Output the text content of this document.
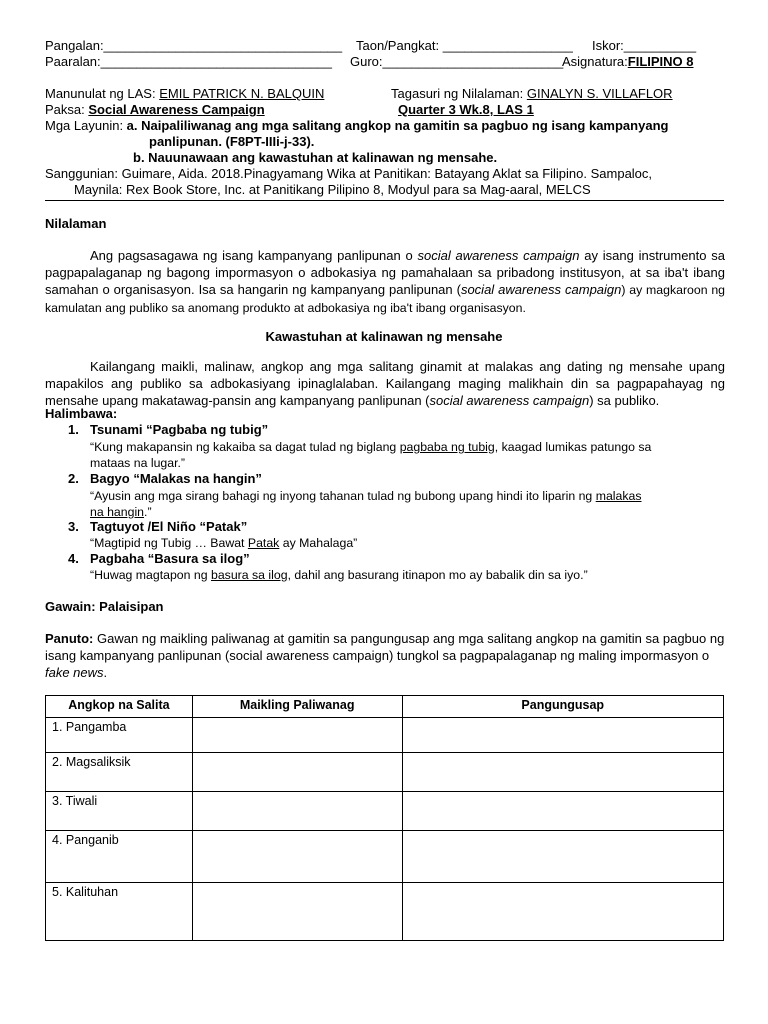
Pangalan:_________________________________ Taon/Pangkat: __________________ Iskor:__________
Paaralan:________________________________ Guro:_________________________
Asignatura:FILIPINO 8
Manunulat ng LAS: EMIL PATRICK N. BALQUIN	Tagasuri ng Nilalaman: GINALYN S. VILLAFLOR
Paksa: Social Awareness Campaign	Quarter 3 Wk.8, LAS 1
Mga Layunin: a. Naipaliliwanag ang mga salitang angkop na gamitin sa pagbuo ng isang kampanyang
panlipunan. (F8PT-IIIi-j-33).
b. Nauunawaan ang kawastuhan at kalinawan ng mensahe.
Sanggunian: Guimare, Aida. 2018.Pinagyamang Wika at Panitikan: Batayang Aklat sa Filipino. Sampaloc,
Maynila: Rex Book Store, Inc. at Panitikang Pilipino 8, Modyul para sa Mag-aaral, MELCS
Nilalaman
Ang pagsasagawa ng isang kampanyang panlipunan o social awareness campaign ay isang instrumento sa pagpapalaganap ng bagong impormasyon o adbokasiya ng pamahalaan sa pribadong institusyon, at sa iba't ibang samahan o organisasyon. Isa sa hangarin ng kampanyang panlipunan (social awareness campaign) ay magkaroon ng kamulatan ang publiko sa anomang produkto at adbokasiya ng iba't ibang organisasyon.
Kawastuhan at kalinawan ng mensahe
Kailangang maikli, malinaw, angkop ang mga salitang ginamit at malakas ang dating ng mensahe upang mapakilos ang publiko sa adbokasiyang ipinaglalaban. Kailangang maging malikhain din sa pagpapahayag ng mensahe upang makatawag-pansin ang kampanyang panlipunan (social awareness campaign) sa publiko.
Halimbawa:
1. Tsunami “Pagbaba ng tubig”
“Kung makapansin ng kakaiba sa dagat tulad ng biglang pagbaba ng tubig, kaagad lumikas patungo sa
mataas na lugar.”
2. Bagyo “Malakas na hangin”
“Ayusin ang mga sirang bahagi ng inyong tahanan tulad ng bubong upang hindi ito liparin ng malakas
na hangin.”
3. Tagtuyot /El Niño “Patak”
“Magtipid ng Tubig … Bawat Patak ay Mahalaga”
4. Pagbaha “Basura sa ilog”
“Huwag magtapon ng basura sa ilog, dahil ang basurang itinapon mo ay babalik din sa iyo.”
Gawain: Palaisipan
Panuto: Gawan ng maikling paliwanag at gamitin sa pangungusap ang mga salitang angkop na gamitin sa pagbuo ng isang kampanyang panlipunan (social awareness campaign) tungkol sa pagpapalaganap ng maling impormasyon o fake news.
Angkop na Salita	Maikling Paliwanag	Pangungusap
1. Pangamba		
2. Magsaliksik		
3. Tiwali		
4. Panganib		
5. Kalituhan		
